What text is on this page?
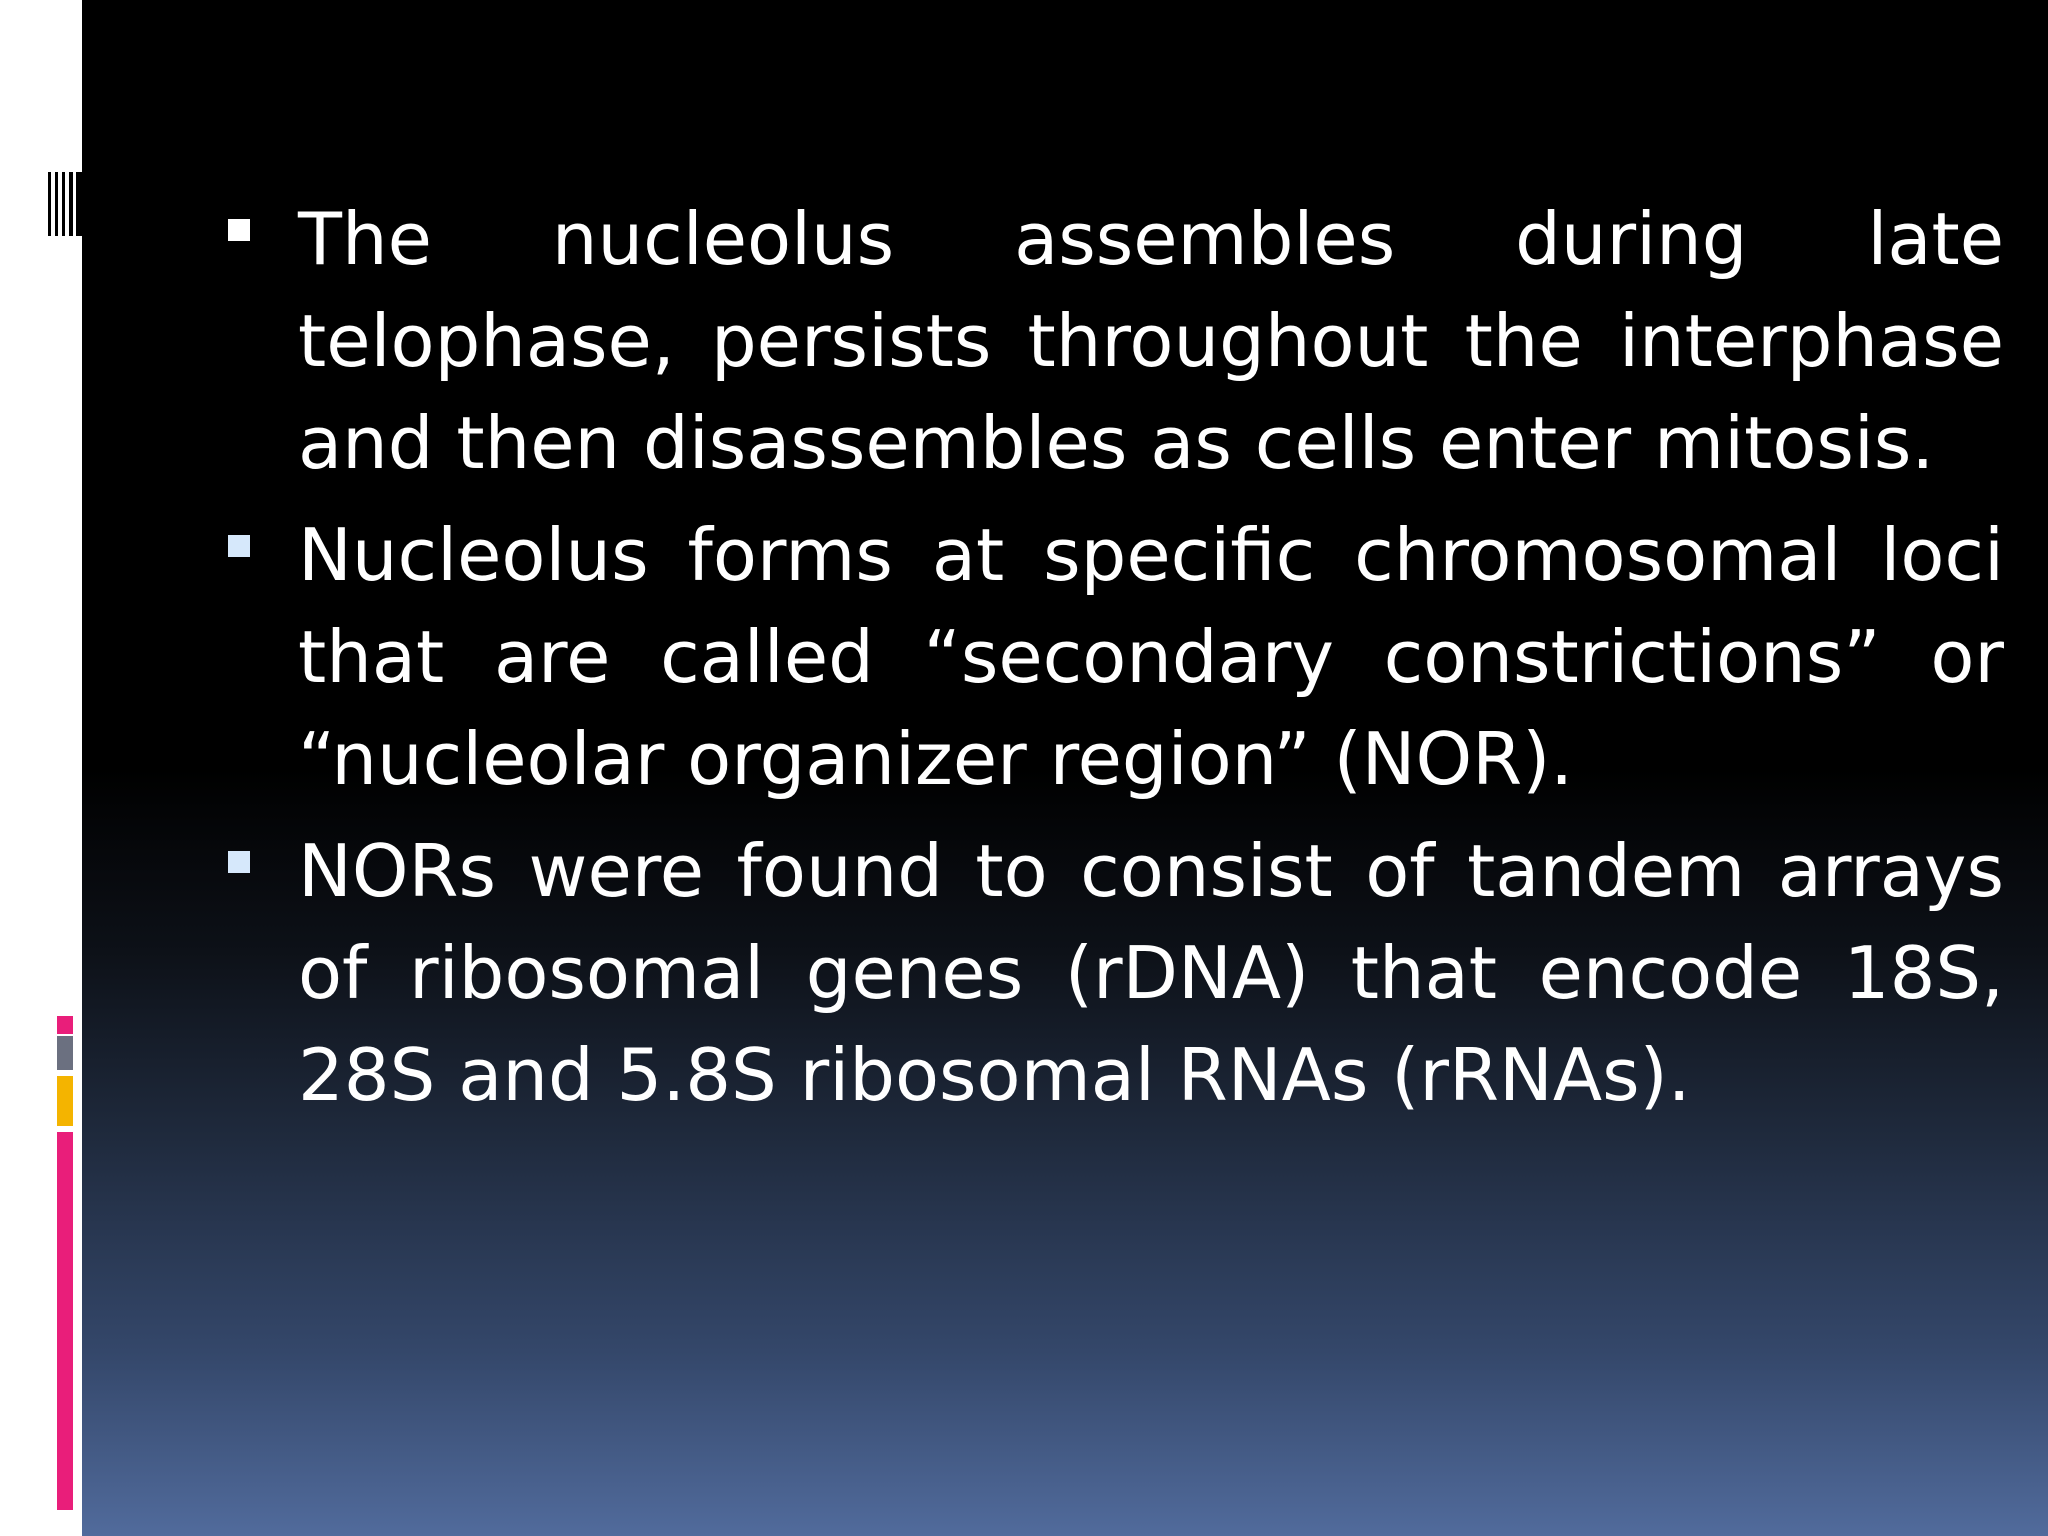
The nucleolus assembles during late telophase, persists throughout the interphase and then disassembles as cells enter mitosis.
Nucleolus forms at specific chromosomal loci that are called “secondary constrictions” or “nucleolar organizer region” (NOR).
NORs were found to consist of tandem arrays of ribosomal genes (rDNA) that encode 18S, 28S and 5.8S ribosomal RNAs (rRNAs).
